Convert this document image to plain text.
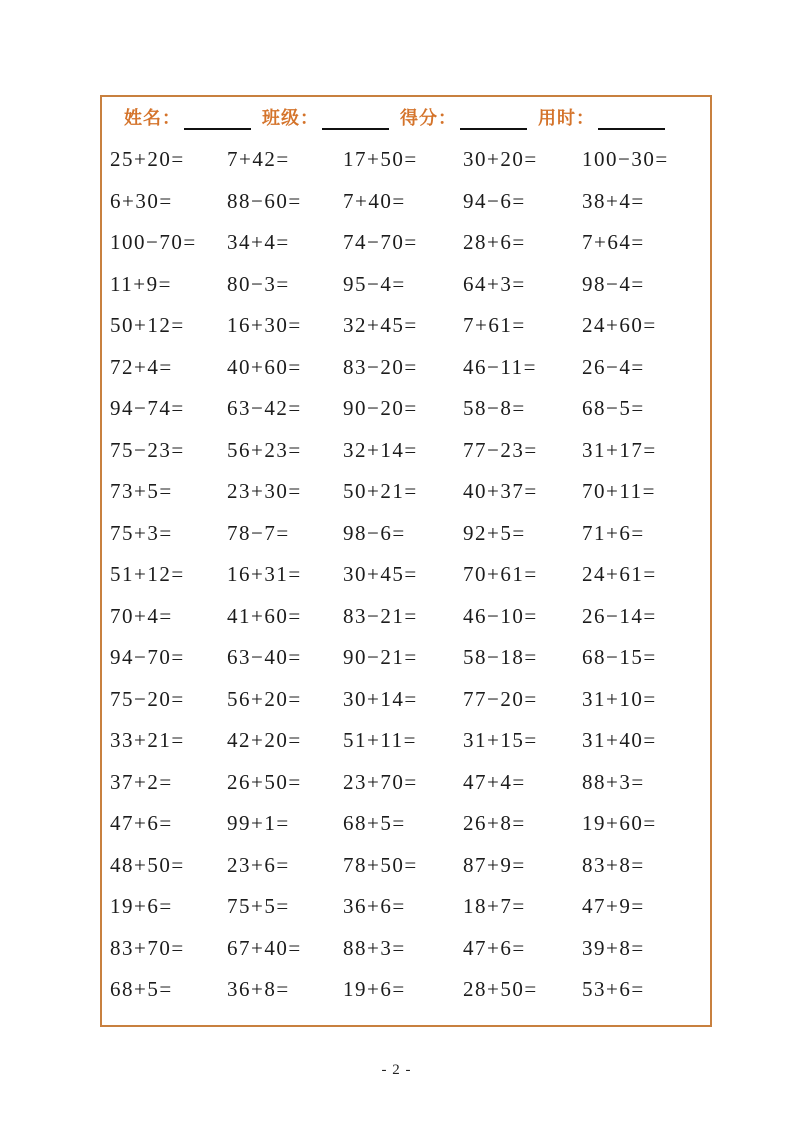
姓名：	班级：	得分：	用时：
25+20=	7+42=	17+50=	30+20=	100−30=
6+30=	88−60=	7+40=	94−6=	38+4=
100−70=	34+4=	74−70=	28+6=	7+64=
11+9=	80−3=	95−4=	64+3=	98−4=
50+12=	16+30=	32+45=	7+61=	24+60=
72+4=	40+60=	83−20=	46−11=	26−4=
94−74=	63−42=	90−20=	58−8=	68−5=
75−23=	56+23=	32+14=	77−23=	31+17=
73+5=	23+30=	50+21=	40+37=	70+11=
75+3=	78−7=	98−6=	92+5=	71+6=
51+12=	16+31=	30+45=	70+61=	24+61=
70+4=	41+60=	83−21=	46−10=	26−14=
94−70=	63−40=	90−21=	58−18=	68−15=
75−20=	56+20=	30+14=	77−20=	31+10=
33+21=	42+20=	51+11=	31+15=	31+40=
37+2=	26+50=	23+70=	47+4=	88+3=
47+6=	99+1=	68+5=	26+8=	19+60=
48+50=	23+6=	78+50=	87+9=	83+8=
19+6=	75+5=	36+6=	18+7=	47+9=
83+70=	67+40=	88+3=	47+6=	39+8=
68+5=	36+8=	19+6=	28+50=	53+6=
- 2 -
